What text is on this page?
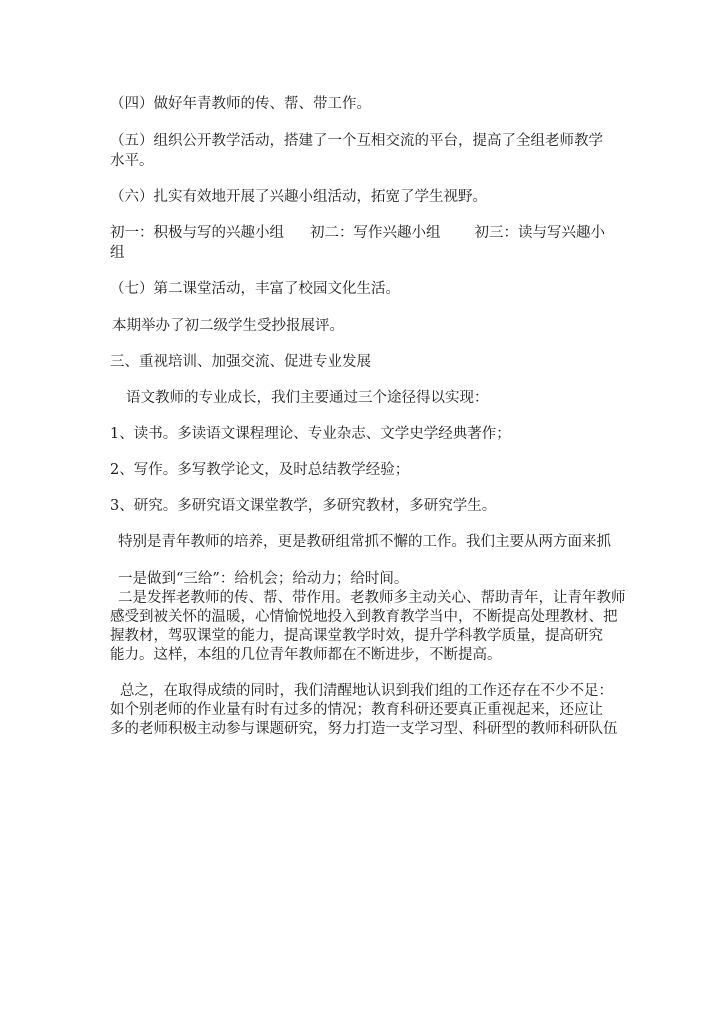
（四）做好年青教师的传、帮、带工作。
（五）组织公开教学活动，搭建了一个互相交流的平台，提高了全组老师教学
水平。
（六）扎实有效地开展了兴趣小组活动，拓宽了学生视野。
初一：积极与写的兴趣小组 初二：写作兴趣小组 初三：读与写兴趣小
组
（七）第二课堂活动，丰富了校园文化生活。
本期举办了初二级学生受抄报展评。
三、重视培训、加强交流、促进专业发展
语文教师的专业成长，我们主要通过三个途径得以实现：
1、读书。多读语文课程理论、专业杂志、文学史学经典著作；
2、写作。多写教学论文，及时总结教学经验；
3、研究。多研究语文课堂教学，多研究教材，多研究学生。
特别是青年教师的培养，更是教研组常抓不懈的工作。我们主要从两方面来抓
一是做到“三给”：给机会；给动力；给时间。
二是发挥老教师的传、帮、带作用。老教师多主动关心、帮助青年，让青年教师
感受到被关怀的温暖，心情愉悦地投入到教育教学当中，不断提高处理教材、把
握教材，驾驭课堂的能力，提高课堂教学时效，提升学科教学质量，提高研究
能力。这样，本组的几位青年教师都在不断进步，不断提高。
总之，在取得成绩的同时，我们清醒地认识到我们组的工作还存在不少不足：
如个别老师的作业量有时有过多的情况；教育科研还要真正重视起来，还应让
多的老师积极主动参与课题研究，努力打造一支学习型、科研型的教师科研队伍
